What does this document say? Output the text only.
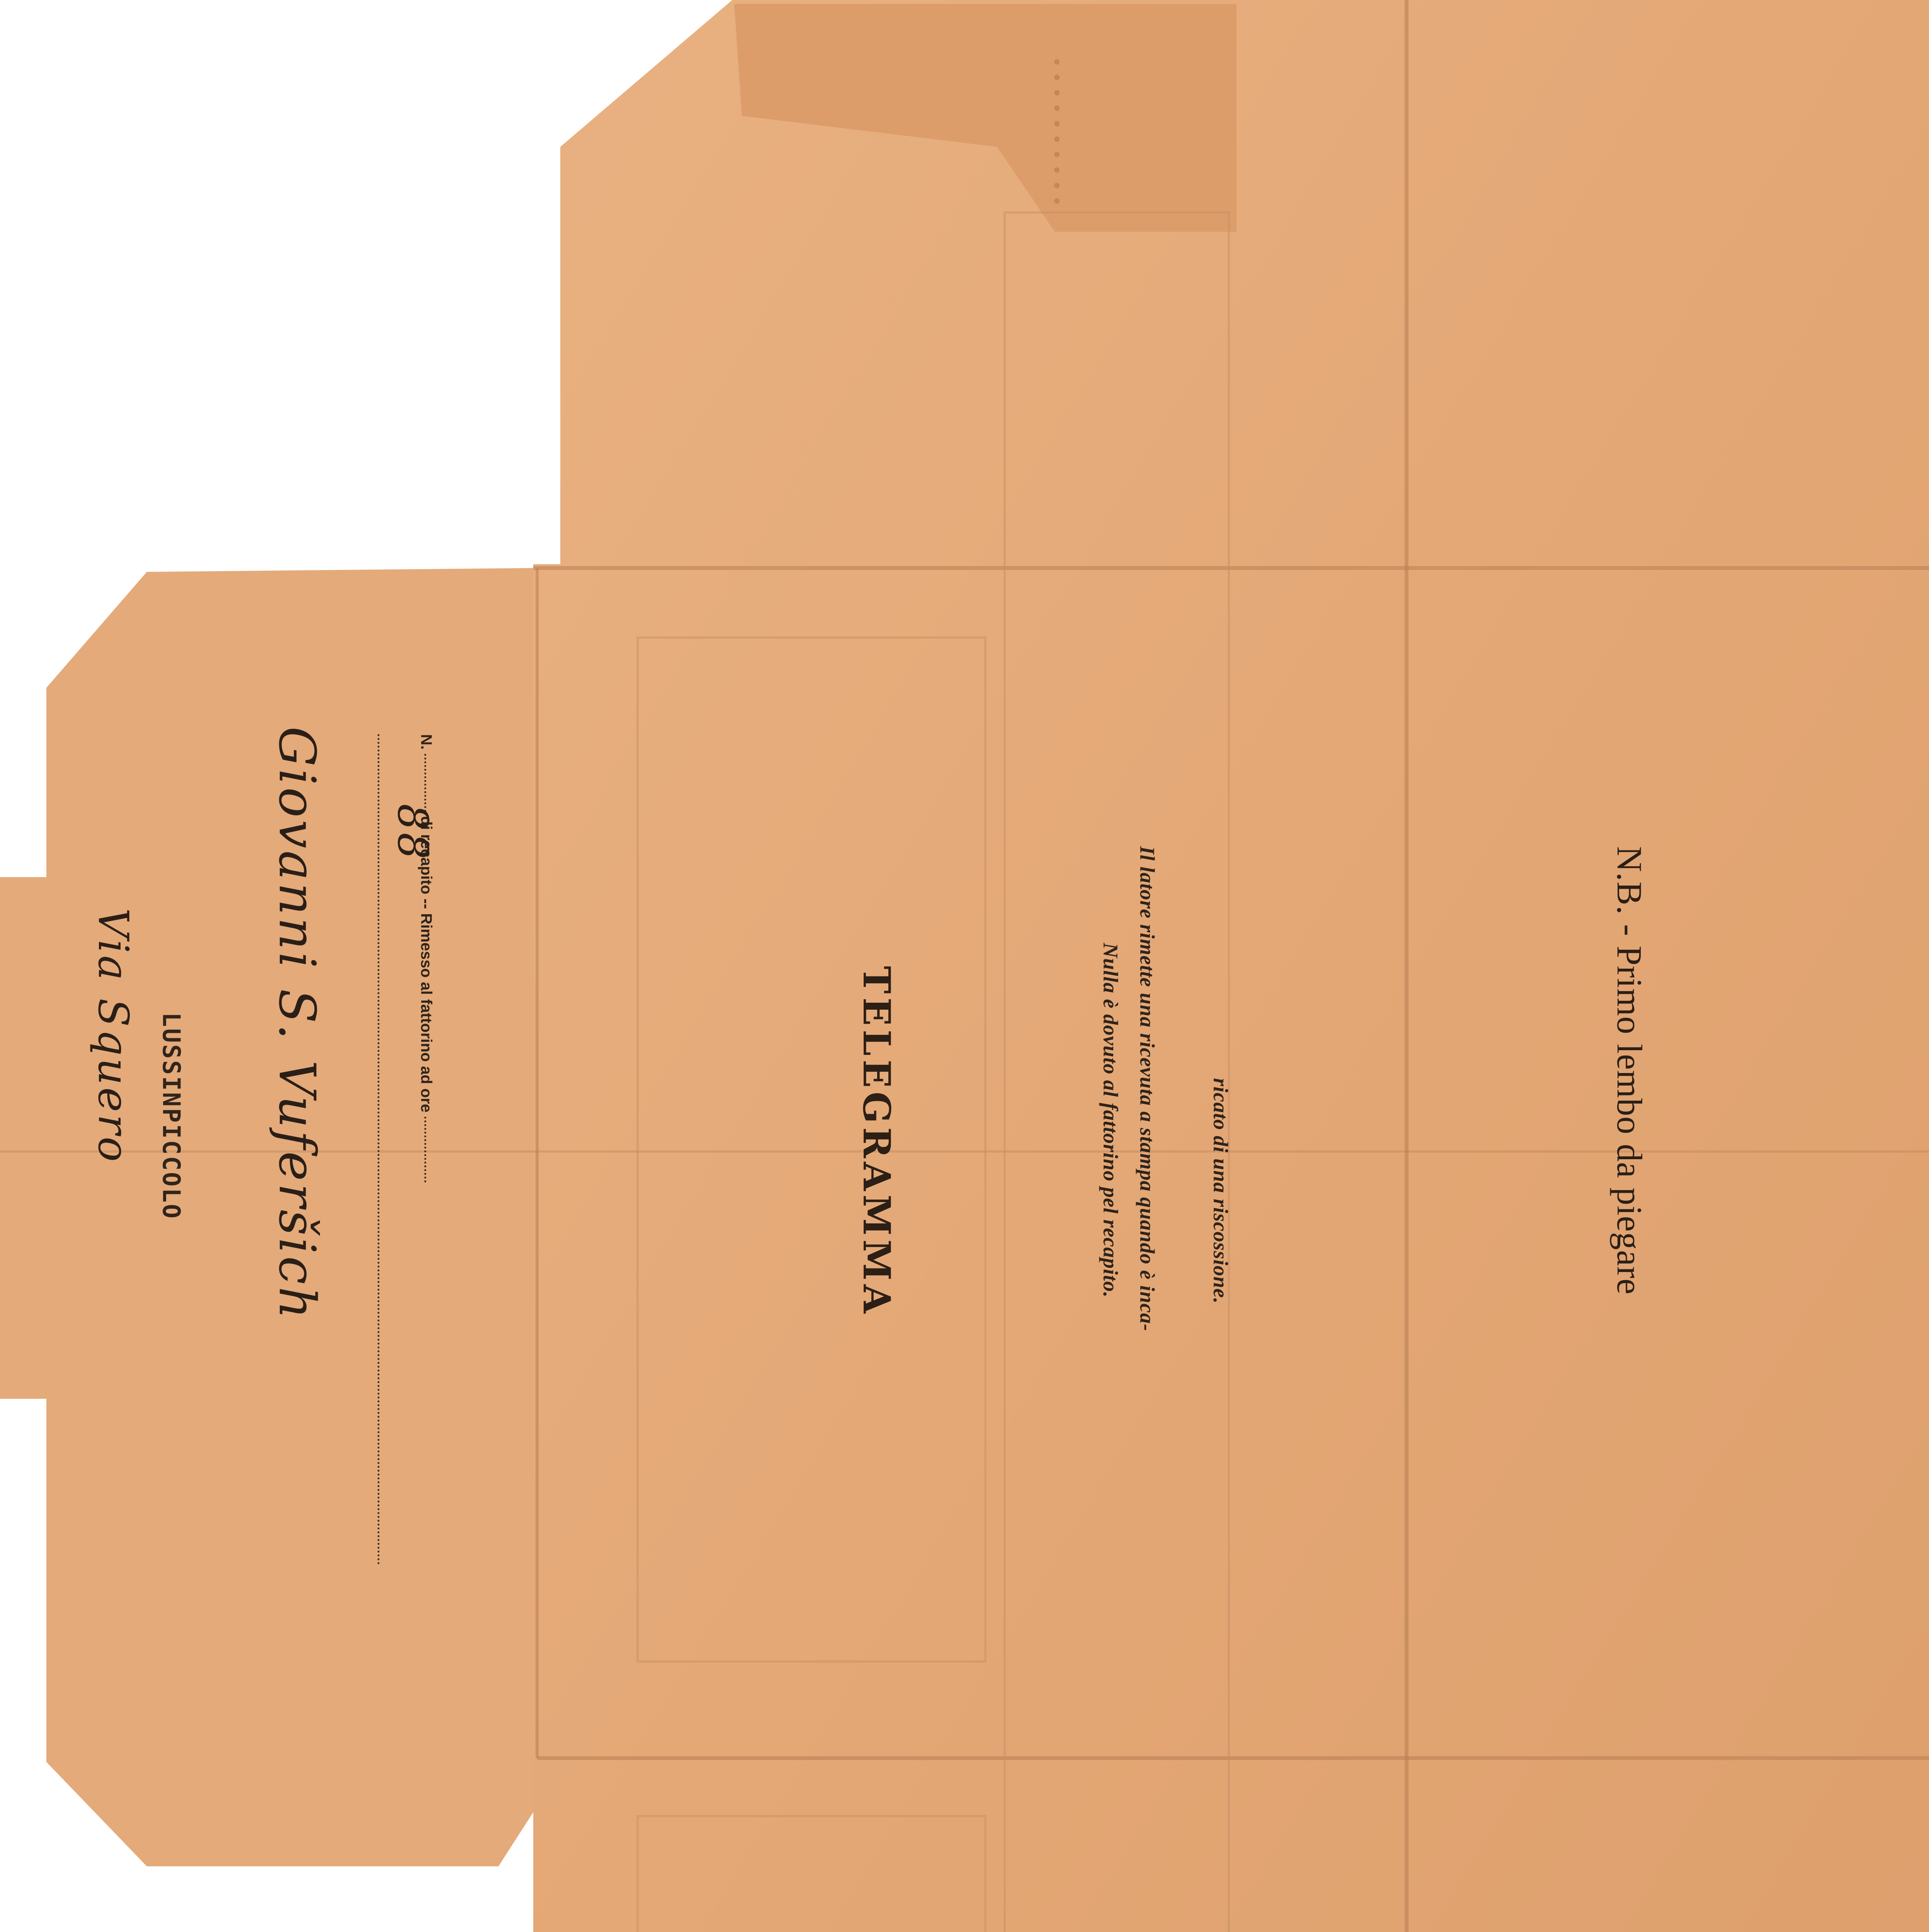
N.B. - Primo lembo da piegare
TELEGRAMMA	Nulla è dovuto al fattorino pel recapito. Il latore rimette una ricevuta a stampa quando è inca- ricato di una riscossione.
N.  di recapito -- Rimesso al fattorino ad ore
88
Giovanni S. Vuferšich
LUSSINPICCOLO
Via Squero
